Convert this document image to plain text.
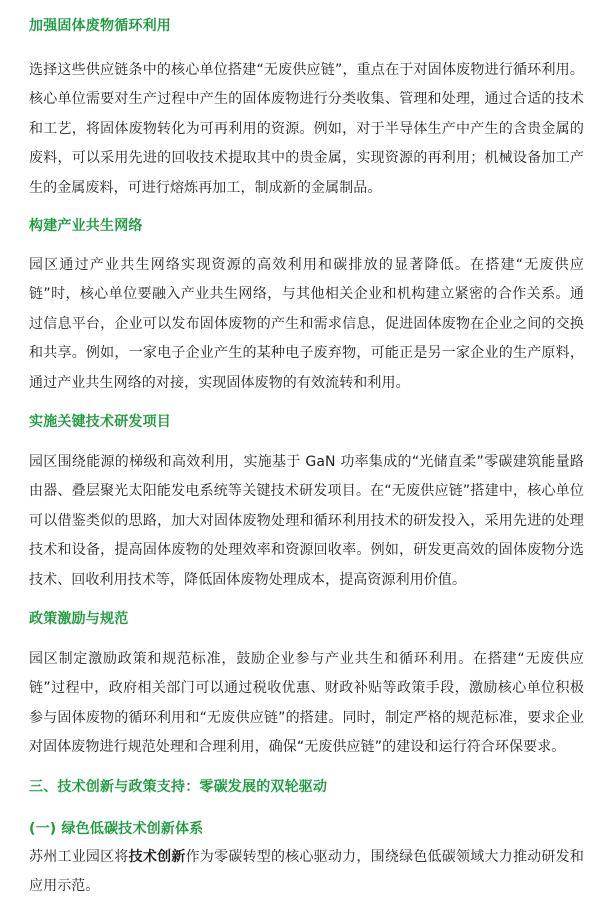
加强固体废物循环利用

选择这些供应链条中的核心单位搭建“无废供应链”，重点在于对固体废物进行循环利用。核心单位需要对生产过程中产生的固体废物进行分类收集、管理和处理，通过合适的技术和工艺，将固体废物转化为可再利用的资源。例如，对于半导体生产中产生的含贵金属的废料，可以采用先进的回收技术提取其中的贵金属，实现资源的再利用；机械设备加工产生的金属废料，可进行熔炼再加工，制成新的金属制品。

构建产业共生网络

园区通过产业共生网络实现资源的高效利用和碳排放的显著降低。在搭建“无废供应链”时，核心单位要融入产业共生网络，与其他相关企业和机构建立紧密的合作关系。通过信息平台，企业可以发布固体废物的产生和需求信息，促进固体废物在企业之间的交换和共享。例如，一家电子企业产生的某种电子废弃物，可能正是另一家企业的生产原料，通过产业共生网络的对接，实现固体废物的有效流转和利用。

实施关键技术研发项目

园区围绕能源的梯级和高效利用，实施基于 GaN 功率集成的“光储直柔”零碳建筑能量路由器、叠层聚光太阳能发电系统等关键技术研发项目。在“无废供应链”搭建中，核心单位可以借鉴类似的思路，加大对固体废物处理和循环利用技术的研发投入，采用先进的处理技术和设备，提高固体废物的处理效率和资源回收率。例如，研发更高效的固体废物分选技术、回收利用技术等，降低固体废物处理成本，提高资源利用价值。

政策激励与规范

园区制定激励政策和规范标准，鼓励企业参与产业共生和循环利用。在搭建“无废供应链”过程中，政府相关部门可以通过税收优惠、财政补贴等政策手段，激励核心单位积极参与固体废物的循环利用和“无废供应链”的搭建。同时，制定严格的规范标准，要求企业对固体废物进行规范处理和合理利用，确保“无废供应链”的建设和运行符合环保要求。

三、技术创新与政策支持：零碳发展的双轮驱动
(一) 绿色低碳技术创新体系

苏州工业园区将技术创新作为零碳转型的核心驱动力，围绕绿色低碳领域大力推动研发和应用示范。
